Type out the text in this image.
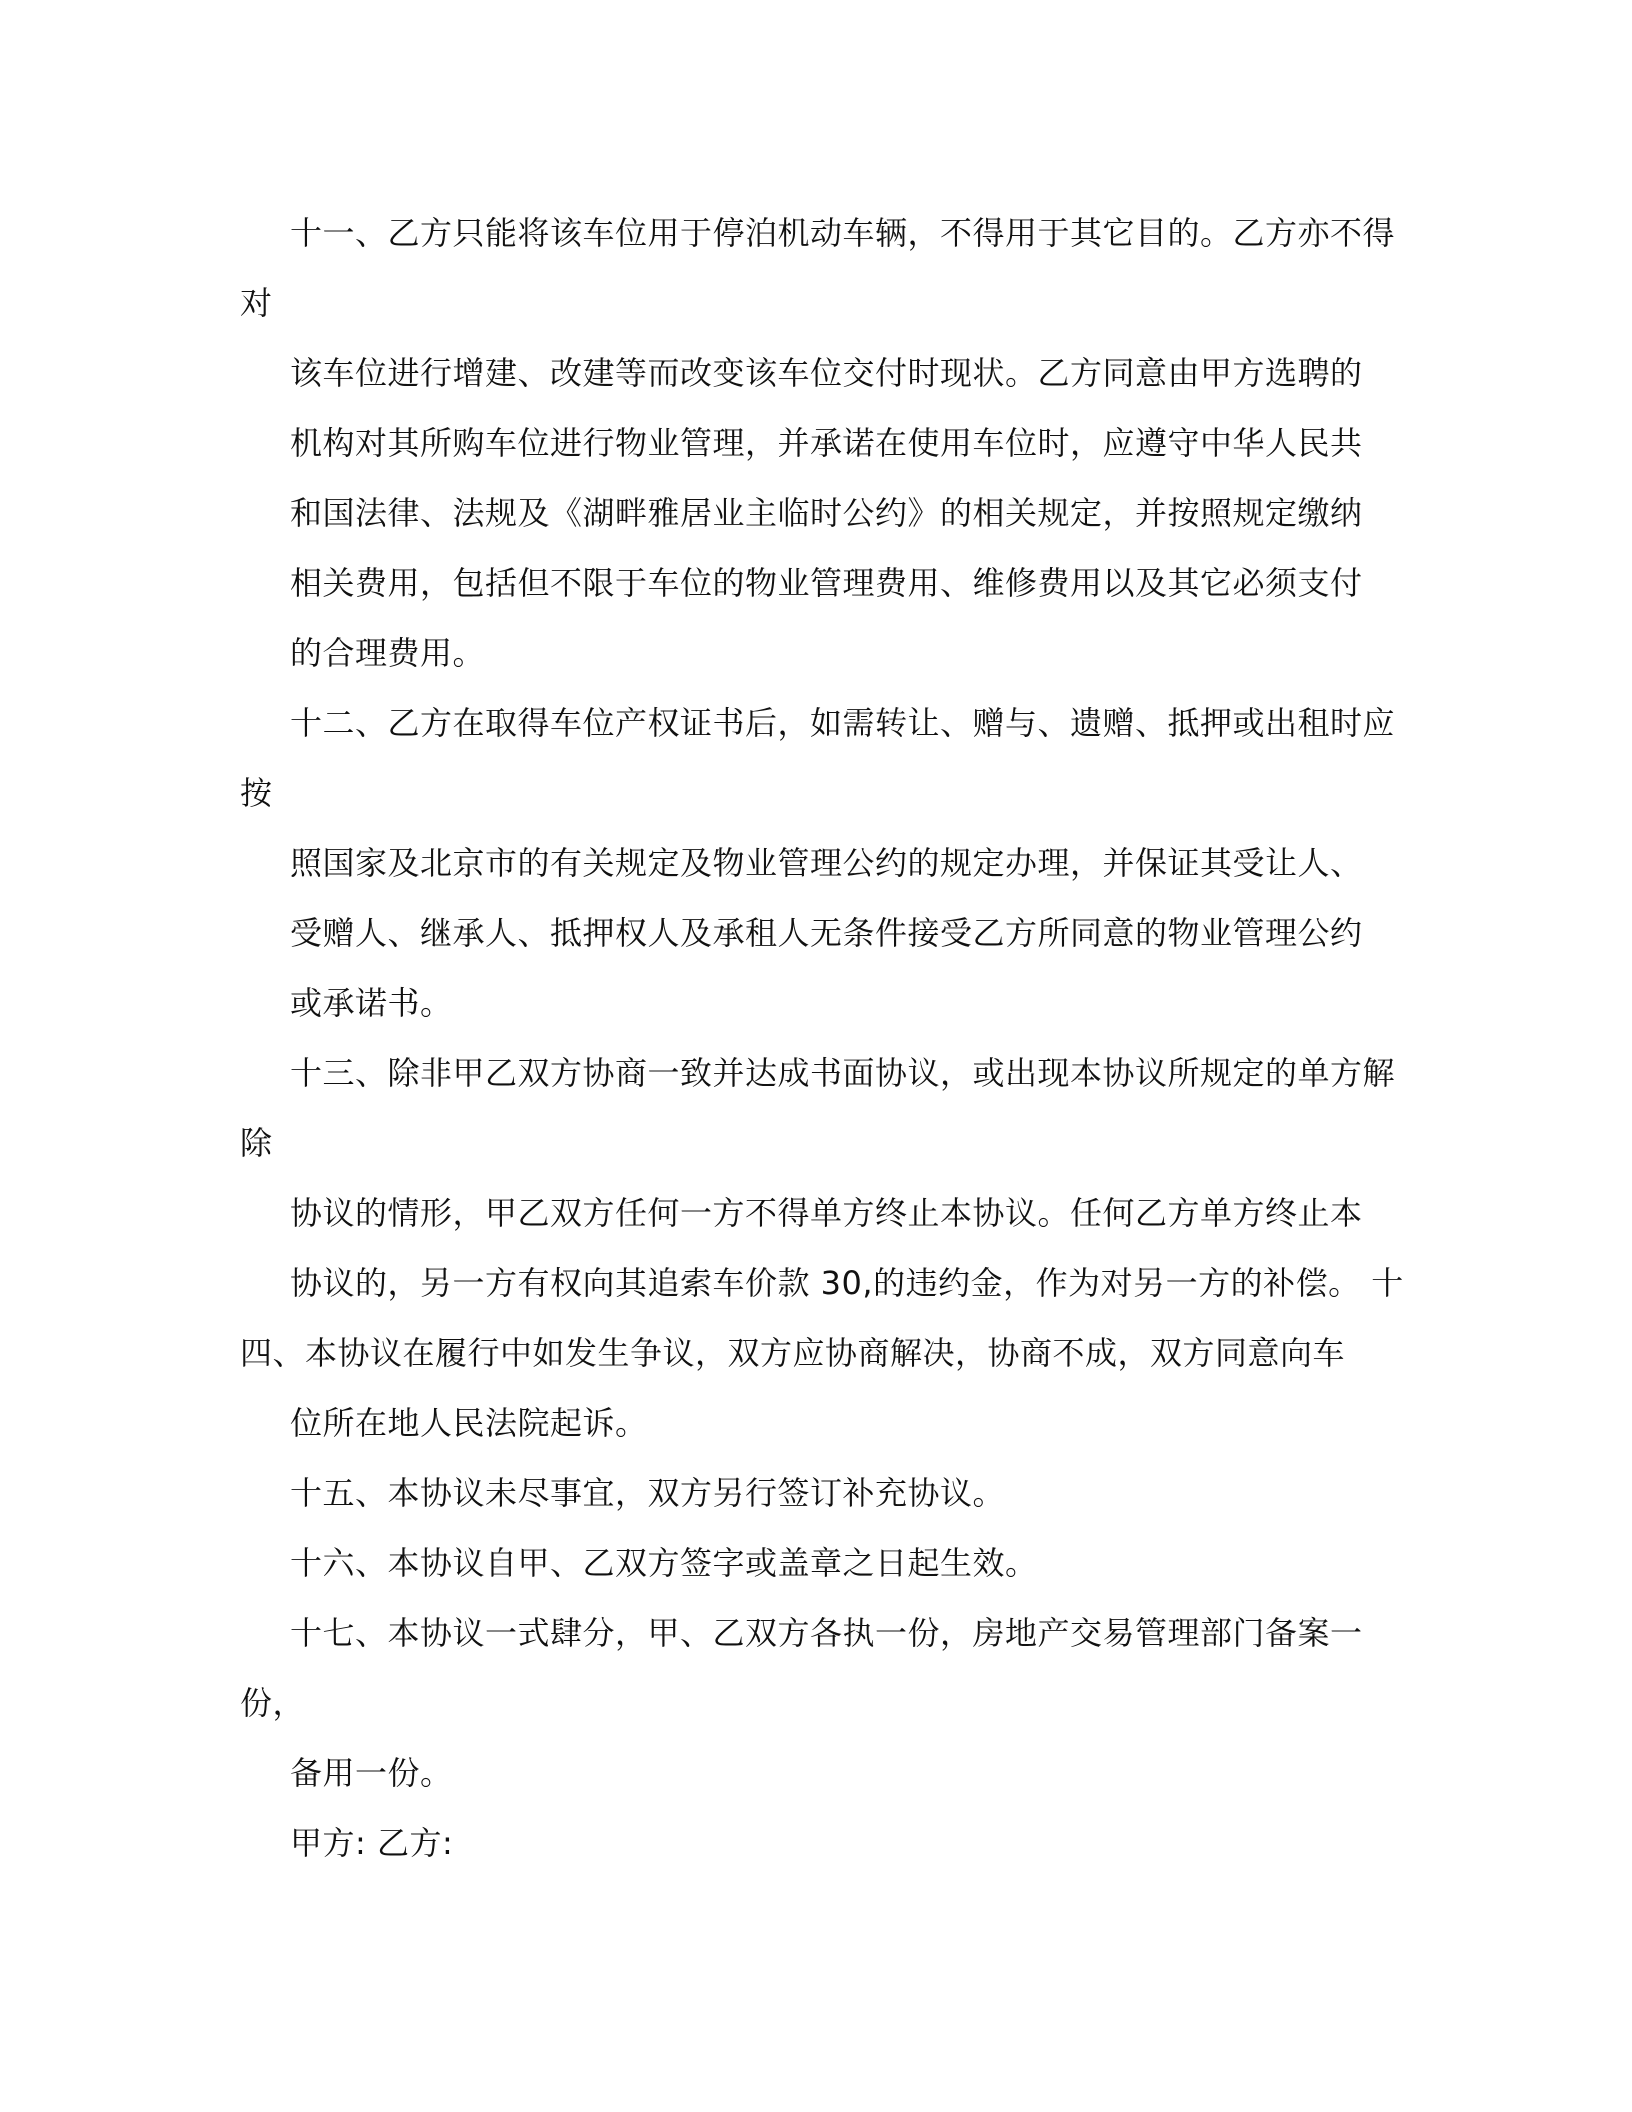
十一、乙方只能将该车位用于停泊机动车辆，不得用于其它目的。乙方亦不得
对
该车位进行增建、改建等而改变该车位交付时现状。乙方同意由甲方选聘的
机构对其所购车位进行物业管理，并承诺在使用车位时，应遵守中华人民共
和国法律、法规及《湖畔雅居业主临时公约》的相关规定，并按照规定缴纳
相关费用，包括但不限于车位的物业管理费用、维修费用以及其它必须支付
的合理费用。
十二、乙方在取得车位产权证书后，如需转让、赠与、遗赠、抵押或出租时应
按
照国家及北京市的有关规定及物业管理公约的规定办理，并保证其受让人、
受赠人、继承人、抵押权人及承租人无条件接受乙方所同意的物业管理公约
或承诺书。
十三、除非甲乙双方协商一致并达成书面协议，或出现本协议所规定的单方解
除
协议的情形，甲乙双方任何一方不得单方终止本协议。任何乙方单方终止本
协议的，另一方有权向其追索车价款 30,的违约金，作为对另一方的补偿。 十
四、本协议在履行中如发生争议，双方应协商解决，协商不成，双方同意向车
位所在地人民法院起诉。
十五、本协议未尽事宜，双方另行签订补充协议。
十六、本协议自甲、乙双方签字或盖章之日起生效。
十七、本协议一式肆分，甲、乙双方各执一份，房地产交易管理部门备案一
份，
备用一份。
甲方: 乙方:
